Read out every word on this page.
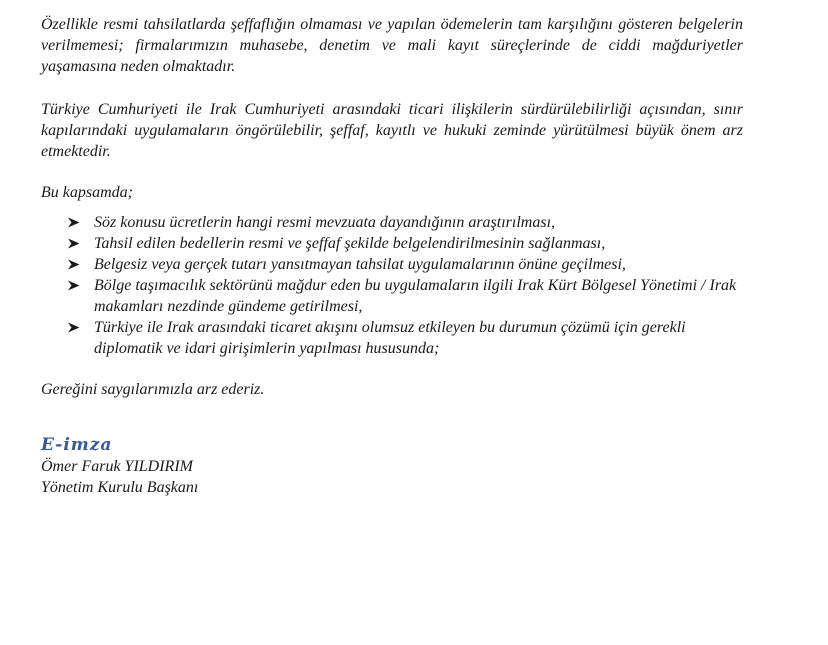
Özellikle resmi tahsilatlarda şeffaflığın olmaması ve yapılan ödemelerin tam karşılığını gösteren belgelerin verilmemesi; firmalarımızın muhasebe, denetim ve mali kayıt süreçlerinde de ciddi mağduriyetler yaşamasına neden olmaktadır.

Türkiye Cumhuriyeti ile Irak Cumhuriyeti arasındaki ticari ilişkilerin sürdürülebilirliği açısından, sınır kapılarındaki uygulamaların öngörülebilir, şeffaf, kayıtlı ve hukuki zeminde yürütülmesi büyük önem arz etmektedir.

Bu kapsamda;

Söz konusu ücretlerin hangi resmi mevzuata dayandığının araştırılması,
Tahsil edilen bedellerin resmi ve şeffaf şekilde belgelendirilmesinin sağlanması,
Belgesiz veya gerçek tutarı yansıtmayan tahsilat uygulamalarının önüne geçilmesi,
Bölge taşımacılık sektörünü mağdur eden bu uygulamaların ilgili Irak Kürt Bölgesel Yönetimi / Irak makamları nezdinde gündeme getirilmesi,
Türkiye ile Irak arasındaki ticaret akışını olumsuz etkileyen bu durumun çözümü için gerekli diplomatik ve idari girişimlerin yapılması hususunda;

Gereğini saygılarımızla arz ederiz.

E-imza

Ömer Faruk YILDIRIM

Yönetim Kurulu Başkanı
